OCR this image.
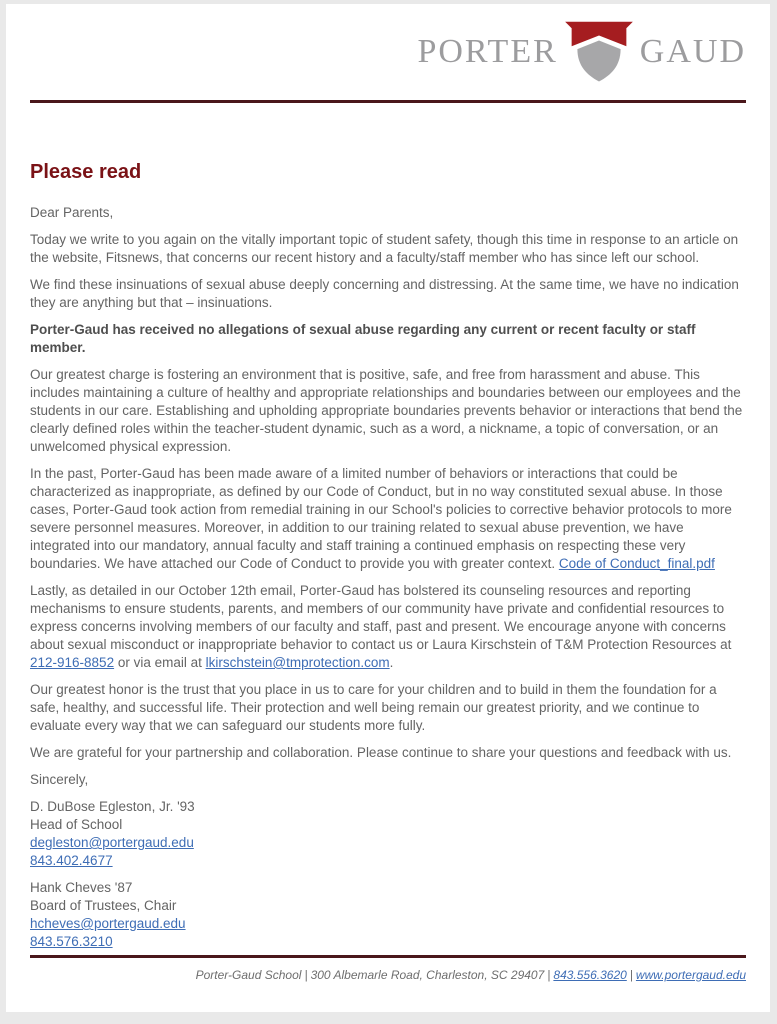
PORTER GAUD
Please read

Dear Parents,

Today we write to you again on the vitally important topic of student safety, though this time in response to an article on the website, Fitsnews, that concerns our recent history and a faculty/staff member who has since left our school.

We find these insinuations of sexual abuse deeply concerning and distressing. At the same time, we have no indication they are anything but that – insinuations.

Porter-Gaud has received no allegations of sexual abuse regarding any current or recent faculty or staff member.

Our greatest charge is fostering an environment that is positive, safe, and free from harassment and abuse. This includes maintaining a culture of healthy and appropriate relationships and boundaries between our employees and the students in our care. Establishing and upholding appropriate boundaries prevents behavior or interactions that bend the clearly defined roles within the teacher-student dynamic, such as a word, a nickname, a topic of conversation, or an unwelcomed physical expression.

In the past, Porter-Gaud has been made aware of a limited number of behaviors or interactions that could be characterized as inappropriate, as defined by our Code of Conduct, but in no way constituted sexual abuse. In those cases, Porter-Gaud took action from remedial training in our School's policies to corrective behavior protocols to more severe personnel measures. Moreover, in addition to our training related to sexual abuse prevention, we have integrated into our mandatory, annual faculty and staff training a continued emphasis on respecting these very boundaries. We have attached our Code of Conduct to provide you with greater context. Code of Conduct_final.pdf

Lastly, as detailed in our October 12th email, Porter-Gaud has bolstered its counseling resources and reporting mechanisms to ensure students, parents, and members of our community have private and confidential resources to express concerns involving members of our faculty and staff, past and present. We encourage anyone with concerns about sexual misconduct or inappropriate behavior to contact us or Laura Kirschstein of T&M Protection Resources at 212-916-8852 or via email at lkirschstein@tmprotection.com.

Our greatest honor is the trust that you place in us to care for your children and to build in them the foundation for a safe, healthy, and successful life. Their protection and well being remain our greatest priority, and we continue to evaluate every way that we can safeguard our students more fully.

We are grateful for your partnership and collaboration. Please continue to share your questions and feedback with us.

Sincerely,

D. DuBose Egleston, Jr. '93
Head of School
degleston@portergaud.edu
843.402.4677
Hank Cheves '87
Board of Trustees, Chair
hcheves@portergaud.edu
843.576.3210
Porter-Gaud School | 300 Albemarle Road, Charleston, SC 29407 | 843.556.3620 | www.portergaud.edu
